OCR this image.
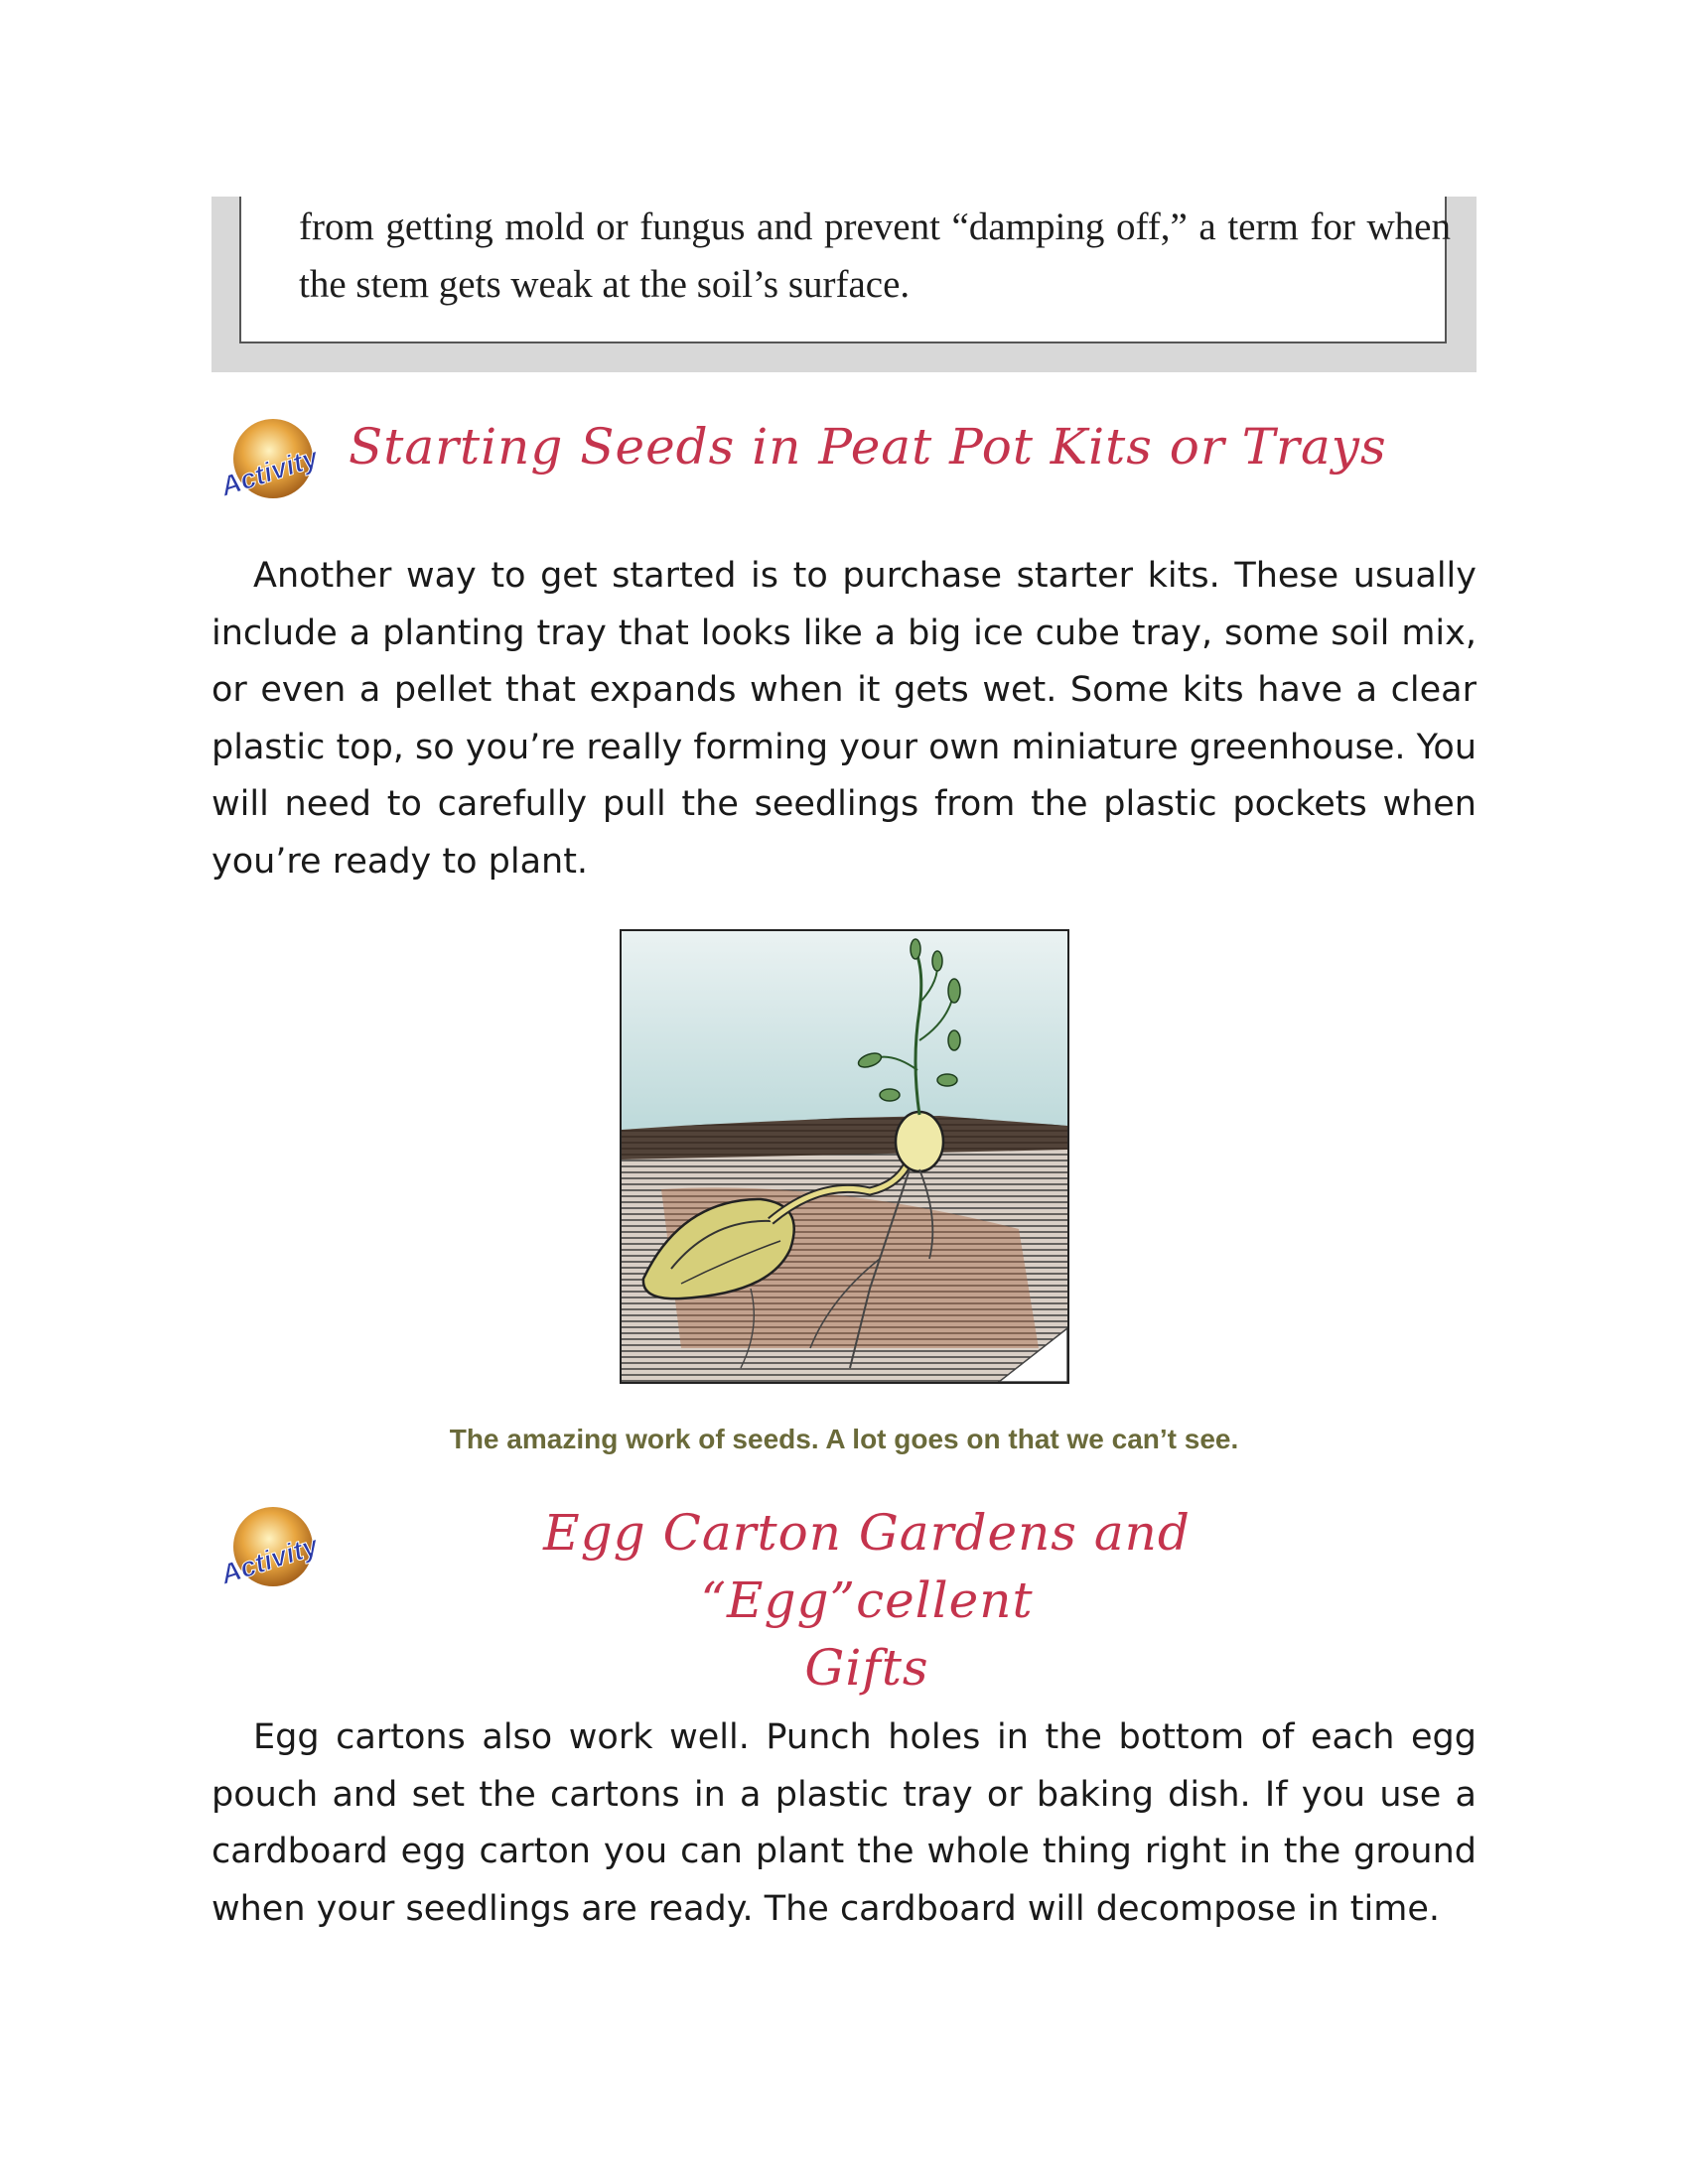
from getting mold or fungus and prevent “damping off,” a term for when the stem gets weak at the soil’s surface.

Activity Starting Seeds in Peat Pot Kits or Trays

Another way to get started is to purchase starter kits. These usually include a planting tray that looks like a big ice cube tray, some soil mix, or even a pellet that expands when it gets wet. Some kits have a clear plastic top, so you’re really forming your own miniature greenhouse. You will need to carefully pull the seedlings from the plastic pockets when you’re ready to plant.

The amazing work of seeds. A lot goes on that we can’t see.

Activity	Egg Carton Gardens and “Egg”cellent
Gifts

Egg cartons also work well. Punch holes in the bottom of each egg pouch and set the cartons in a plastic tray or baking dish. If you use a cardboard egg carton you can plant the whole thing right in the ground when your seedlings are ready. The cardboard will decompose in time.
